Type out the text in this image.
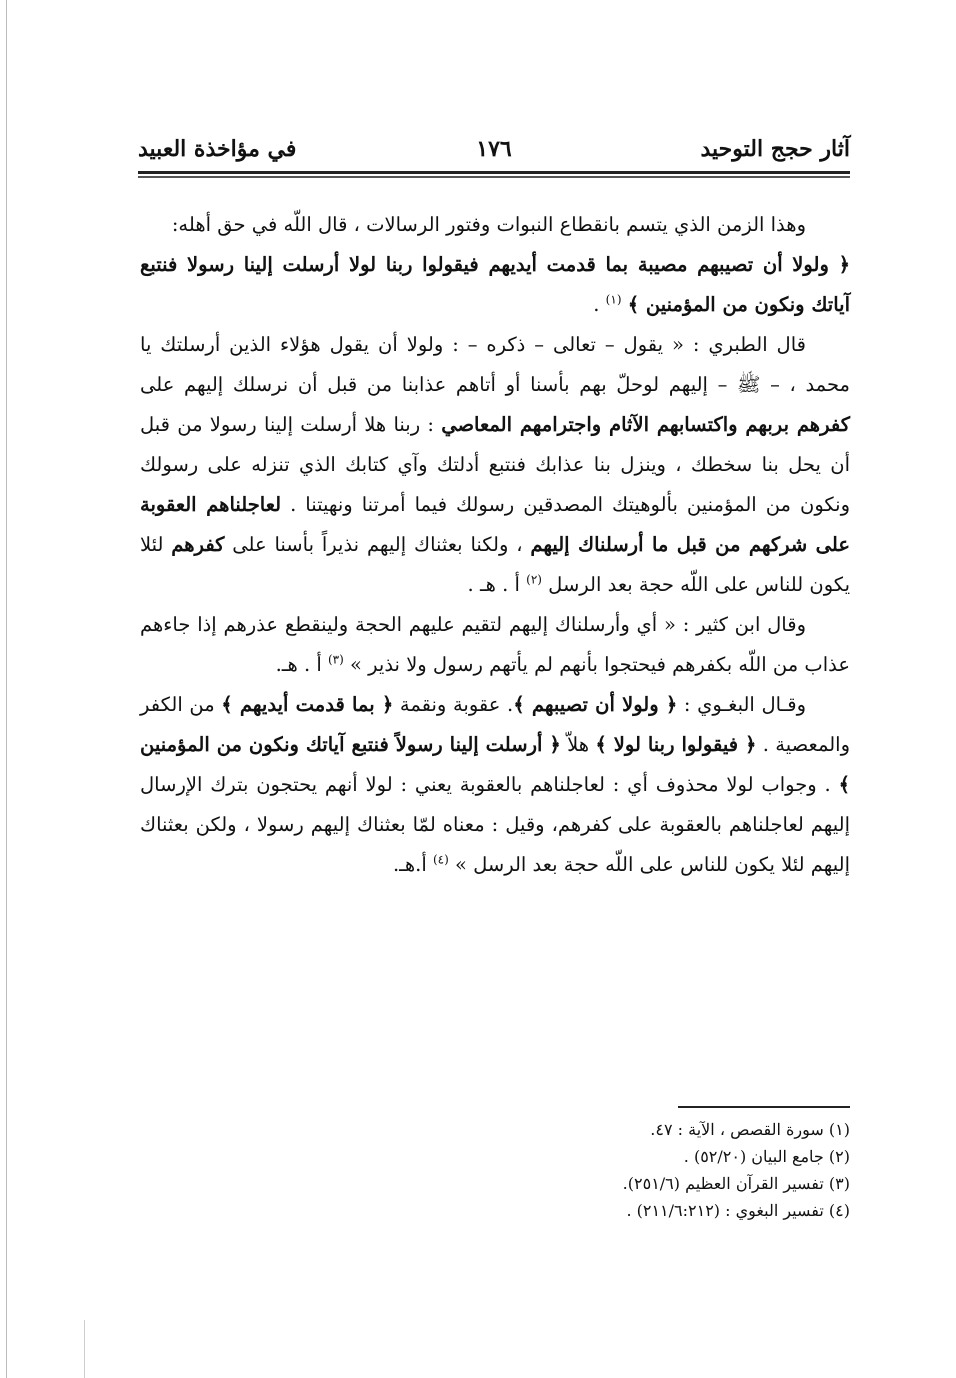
آثار حجج التوحيد
١٧٦
في مؤاخذة العبيد

وهذا الزمن الذي يتسم بانقطاع النبوات وفتور الرسالات ، قال اللّه في حق أهله:

﴿ ولولا أن تصيبهم مصيبة بما قدمت أيديهم فيقولوا ربنا لولا أرسلت إلينا رسولا فنتبع آياتك ونكون من المؤمنين ﴾ $^{(١)}$ .

قال الطبري : « يقول – تعالى – ذكره – : ولولا أن يقول هؤلاء الذين أرسلتك يا محمد ، – ﷺ – إليهم لوحلّ بهم بأسنا أو أتاهم عذابنا من قبل أن نرسلك إليهم على كفرهم بربهم واكتسابهم الآثام واجترامهم المعاصي : ربنا هلا أرسلت إلينا رسولا من قبل أن يحل بنا سخطك ، وينزل بنا عذابك فنتبع أدلتك وآي كتابك الذي تنزله على رسولك ونكون من المؤمنين بألوهيتك المصدقين رسولك فيما أمرتنا ونهيتنا . لعاجلناهم العقوبة على شركهم من قبل ما أرسلناك إليهم ، ولكنا بعثناك إليهم نذيراً بأسنا على كفرهم لئلا يكون للناس على اللّه حجة بعد الرسل $^{(٢)}$ أ . هـ .

وقال ابن كثير : « أي وأرسلناك إليهم لتقيم عليهم الحجة ولينقطع عذرهم إذا جاءهم عذاب من اللّه بكفرهم فيحتجوا بأنهم لم يأتهم رسول ولا نذير » $^{(٣)}$ أ . هـ.

وقـال البغـوي : ﴿ ولولا أن تصيبهم ﴾. عقوبة ونقمة ﴿ بما قدمت أيديهم ﴾ من الكفر والمعصية . ﴿ فيقولوا ربنا لولا ﴾ هلاّ ﴿ أرسلت إلينا رسولاً فنتبع آياتك ونكون من المؤمنين ﴾ . وجواب لولا محذوف أي : لعاجلناهم بالعقوبة يعني : لولا أنهم يحتجون بترك الإرسال إليهم لعاجلناهم بالعقوبة على كفرهم، وقيل : معناه لمّا بعثناك إليهم رسولا ، ولكن بعثناك إليهم لئلا يكون للناس على اللّه حجة بعد الرسل » $^{(٤)}$ أ.هـ.

(١) سورة القصص ، الآية : ٤٧.
(٢) جامع البيان (٥٢/٢٠) .
(٣) تفسير القرآن العظيم (٢٥١/٦).
(٤) تفسير البغوي : (٢١١/٦:٢١٢) .
